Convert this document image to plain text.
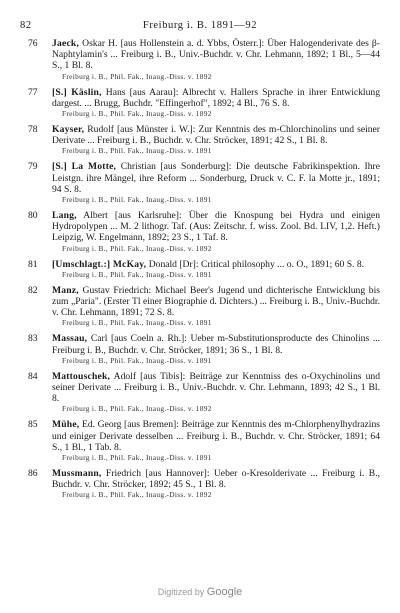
82	Freiburg i. B. 1891—92
76 Jaeck, Oskar H. [aus Hollenstein a. d. Ybbs, Österr.]: Über Halogenderivate des β-Naphtylamin's ... Freiburg i. B., Univ.-Buchdr. v. Chr. Lehmann, 1892; 1 Bl., 5—44 S., 1 Bl. 8.
Freiburg i. B., Phil. Fak., Inaug.-Diss. v. 1892
77 [S.] Käslin, Hans [aus Aarau]: Albrecht v. Hallers Sprache in ihrer Entwicklung dargest. ... Brugg, Buchdr. "Effingerhof", 1892; 4 Bl., 76 S. 8.
Freiburg i. B., Phil. Fak., Inaug.-Diss. v. 1892
78 Kayser, Rudolf [aus Münster i. W.]: Zur Kenntnis des m-Chlorchinolins und seiner Derivate ... Freiburg i. B., Buchdr. v. Chr. Ströcker, 1891; 42 S., 1 Bl. 8.
Freiburg i. B., Phil. Fak., Inaug.-Diss. v. 1891
79 [S.] La Motte, Christian [aus Sonderburg]: Die deutsche Fabrikinspektion. Ihre Leistgn. ihre Mängel, ihre Reform ... Sonderburg, Druck v. C. F. la Motte jr., 1891; 94 S. 8.
Freiburg i. B., Phil. Fak., Inaug.-Diss. v. 1891
80 Lang, Albert [aus Karlsruhe]: Über die Knospung bei Hydra und einigen Hydropolypen ... M. 2 lithogr. Taf. (Aus: Zeitschr. f. wiss. Zool. Bd. LIV, 1,2. Heft.) Leipzig, W. Engelmann, 1892; 23 S., 1 Taf. 8.
Freiburg i. B., Phil. Fak., Inaug.-Diss. v. 1892
81 [Umschlagt.:] McKay, Donald [Dr]: Critical philosophy ... o. O., 1891; 60 S. 8.
Freiburg i. B., Phil. Fak., Inaug.-Diss. v. 1891
82 Manz, Gustav Friedrich: Michael Beer's Jugend und dichterische Entwicklung bis zum „Paria". (Erster Tl einer Biographie d. Dichters.) ... Freiburg i. B., Univ.-Buchdr. v. Chr. Lehmann, 1891; 72 S. 8.
Freiburg i. B., Phil. Fak., Inaug.-Diss. v. 1891
83 Massau, Carl [aus Coeln a. Rh.]: Ueber m-Substitutionsproducte des Chinolins ... Freiburg i. B., Buchdr. v. Chr. Ströcker, 1891; 36 S., 1 Bl. 8.
Freiburg i. B., Phil. Fak., Inaug.-Diss. v. 1891
84 Mattouschek, Adolf [aus Tibis]: Beiträge zur Kenntniss des o-Oxychinolins und seiner Derivate ... Freiburg i. B., Univ.-Buchdr. v. Chr. Lehmann, 1893; 42 S., 1 Bl. 8.
Freiburg i. B., Phil. Fak., Inaug.-Diss. v. 1892
85 Mühe, Ed. Georg [aus Bremen]: Beiträge zur Kenntnis des m-Chlorphenylhydrazins und einiger Derivate desselben ... Freiburg i. B., Buchdr. v. Chr. Ströcker, 1891; 64 S., 1 Bl., 1 Tab. 8.
Freiburg i. B., Phil. Fak., Inaug.-Diss. v. 1891
86 Mussmann, Friedrich [aus Hannover]: Ueber o-Kresolderivate ... Freiburg i. B., Buchdr. v. Chr. Ströcker, 1892; 45 S., 1 Bl. 8.
Freiburg i. B., Phil. Fak., Inaug.-Diss. v. 1892
Digitized by Google
